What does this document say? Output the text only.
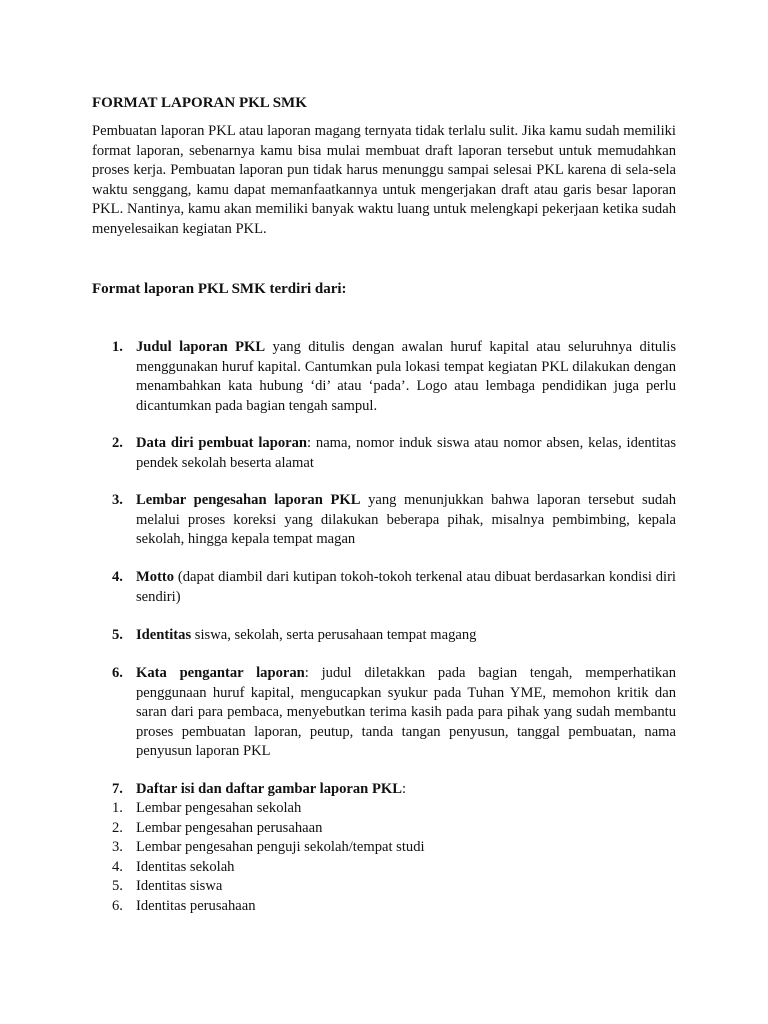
FORMAT LAPORAN PKL SMK
Pembuatan laporan PKL atau laporan magang ternyata tidak terlalu sulit. Jika kamu sudah memiliki format laporan, sebenarnya kamu bisa mulai membuat draft laporan tersebut untuk memudahkan proses kerja. Pembuatan laporan pun tidak harus menunggu sampai selesai PKL karena di sela-sela waktu senggang, kamu dapat memanfaatkannya untuk mengerjakan draft atau garis besar laporan PKL. Nantinya, kamu akan memiliki banyak waktu luang untuk melengkapi pekerjaan ketika sudah menyelesaikan kegiatan PKL.
Format laporan PKL SMK terdiri dari:
1. Judul laporan PKL yang ditulis dengan awalan huruf kapital atau seluruhnya ditulis menggunakan huruf kapital. Cantumkan pula lokasi tempat kegiatan PKL dilakukan dengan menambahkan kata hubung ‘di’ atau ‘pada’. Logo atau lembaga pendidikan juga perlu dicantumkan pada bagian tengah sampul.
2. Data diri pembuat laporan: nama, nomor induk siswa atau nomor absen, kelas, identitas pendek sekolah beserta alamat
3. Lembar pengesahan laporan PKL yang menunjukkan bahwa laporan tersebut sudah melalui proses koreksi yang dilakukan beberapa pihak, misalnya pembimbing, kepala sekolah, hingga kepala tempat magan
4. Motto (dapat diambil dari kutipan tokoh-tokoh terkenal atau dibuat berdasarkan kondisi diri sendiri)
5. Identitas siswa, sekolah, serta perusahaan tempat magang
6. Kata pengantar laporan: judul diletakkan pada bagian tengah, memperhatikan penggunaan huruf kapital, mengucapkan syukur pada Tuhan YME, memohon kritik dan saran dari para pembaca, menyebutkan terima kasih pada para pihak yang sudah membantu proses pembuatan laporan, peutup, tanda tangan penyusun, tanggal pembuatan, nama penyusun laporan PKL
7. Daftar isi dan daftar gambar laporan PKL:
1. Lembar pengesahan sekolah
2. Lembar pengesahan perusahaan
3. Lembar pengesahan penguji sekolah/tempat studi
4. Identitas sekolah
5. Identitas siswa
6. Identitas perusahaan
